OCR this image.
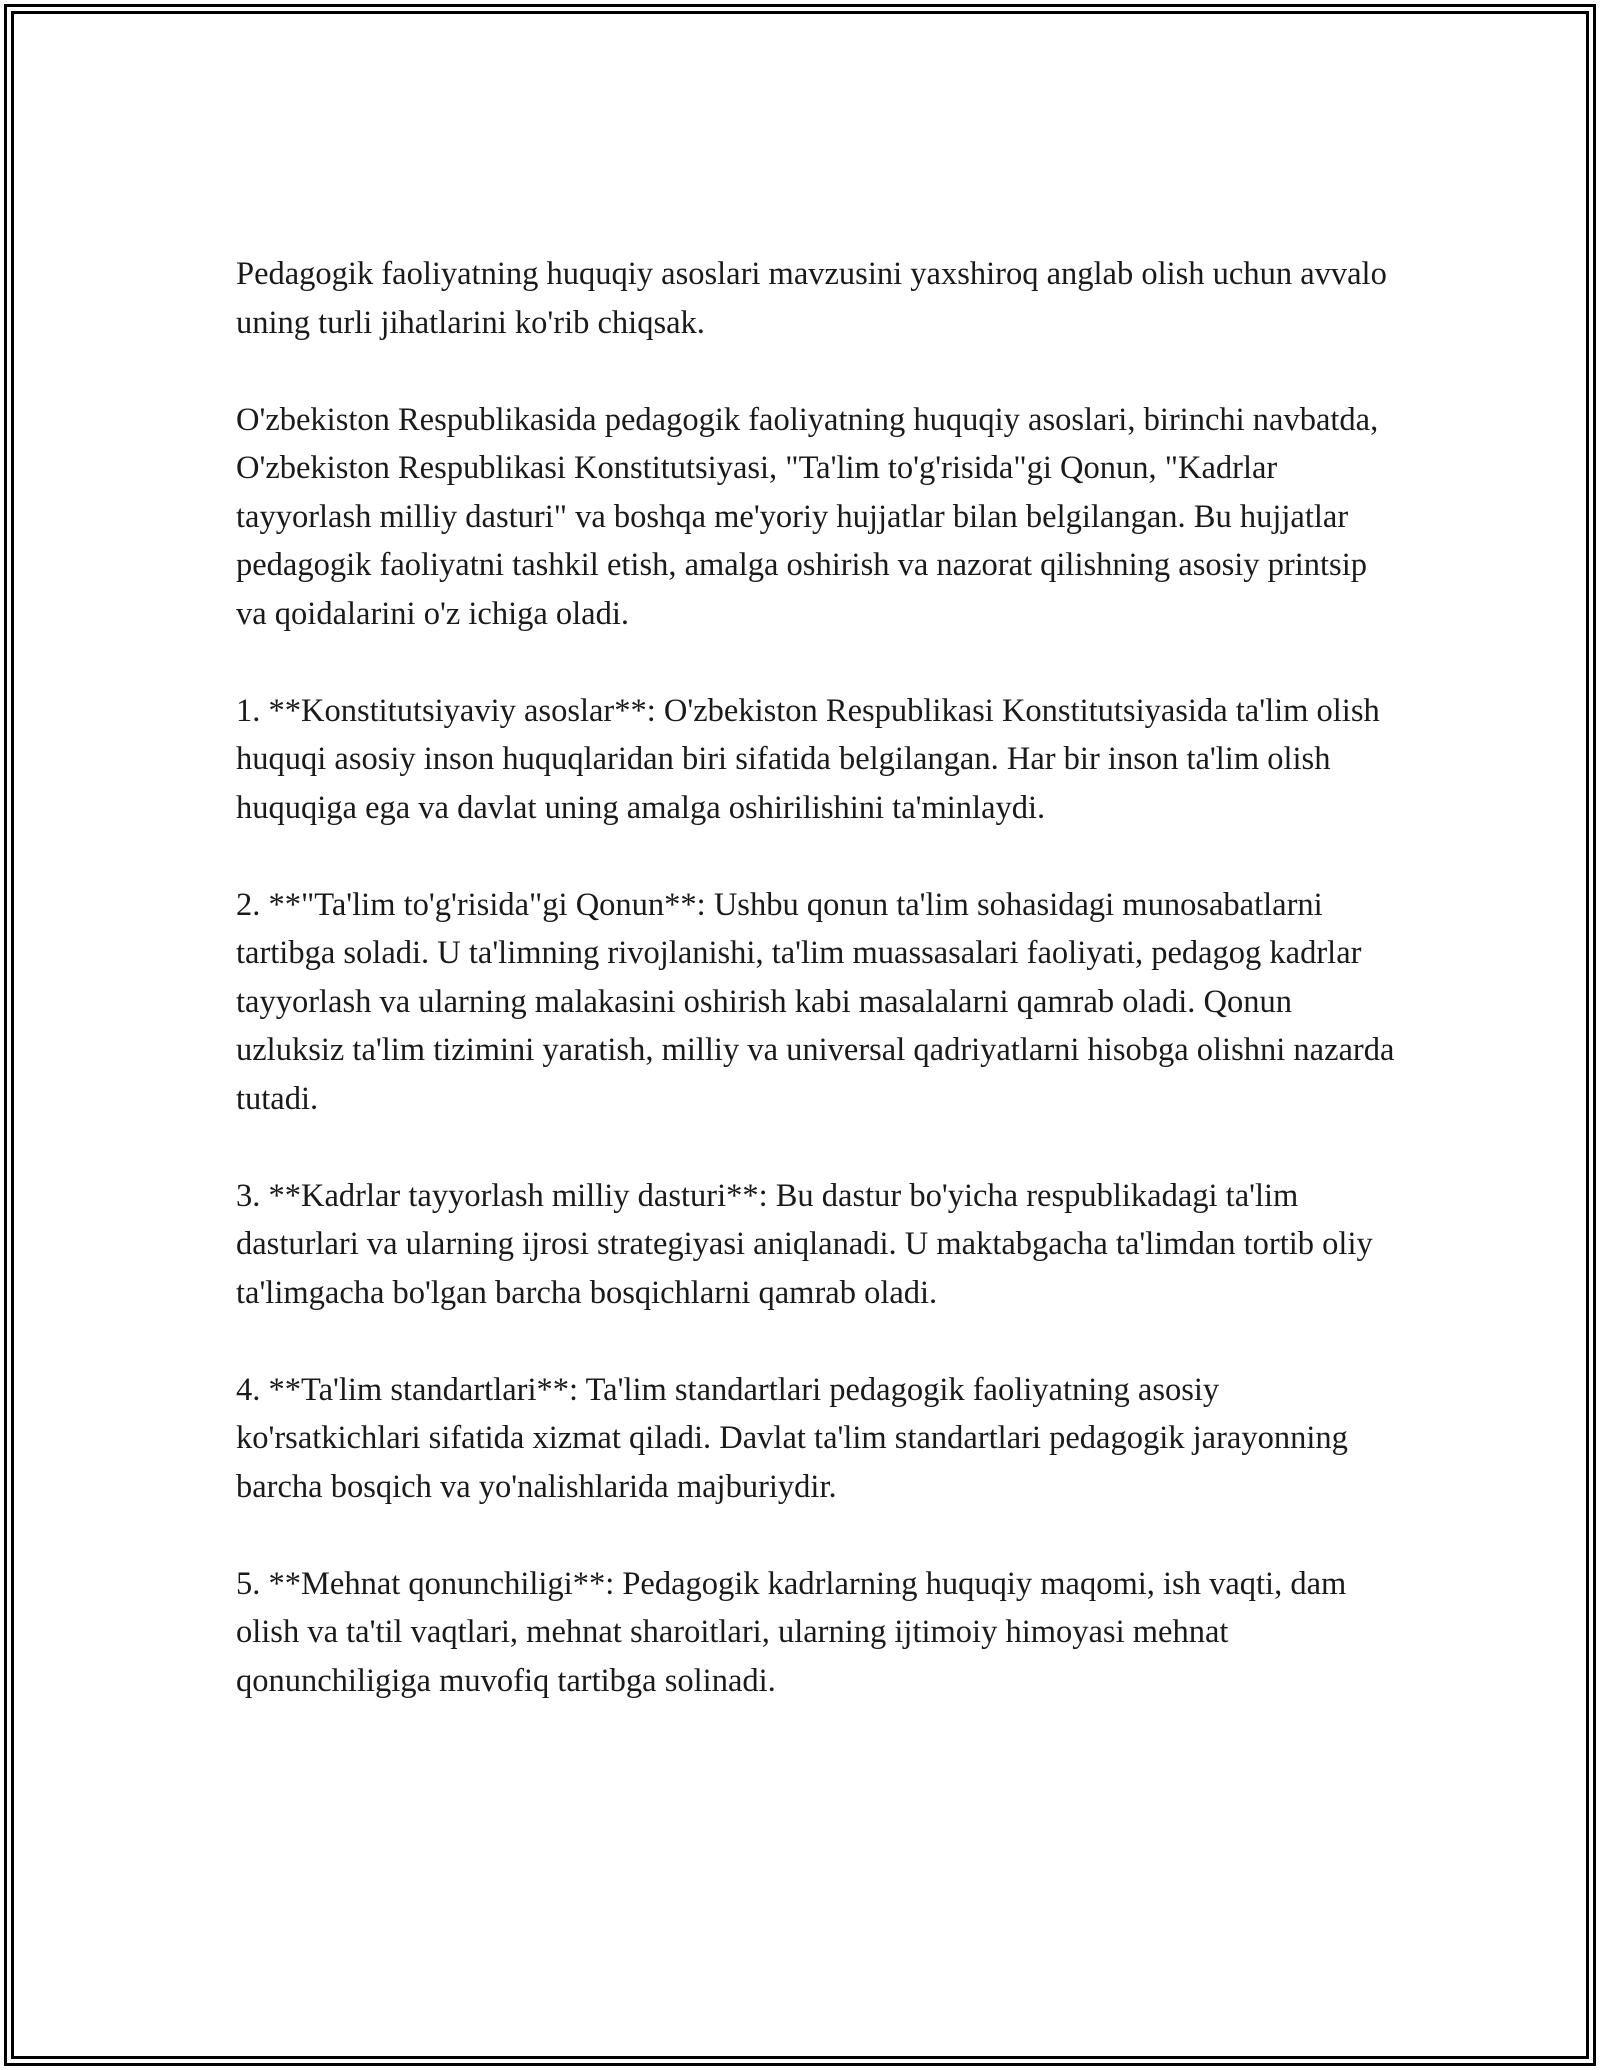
Pedagogik faoliyatning huquqiy asoslari mavzusini yaxshiroq anglab olish uchun avvalo uning turli jihatlarini ko'rib chiqsak.

O'zbekiston Respublikasida pedagogik faoliyatning huquqiy asoslari, birinchi navbatda, O'zbekiston Respublikasi Konstitutsiyasi, "Ta'lim to'g'risida"gi Qonun, "Kadrlar tayyorlash milliy dasturi" va boshqa me'yoriy hujjatlar bilan belgilangan. Bu hujjatlar pedagogik faoliyatni tashkil etish, amalga oshirish va nazorat qilishning asosiy printsip va qoidalarini o'z ichiga oladi.

1. **Konstitutsiyaviy asoslar**: O'zbekiston Respublikasi Konstitutsiyasida ta'lim olish huquqi asosiy inson huquqlaridan biri sifatida belgilangan. Har bir inson ta'lim olish huquqiga ega va davlat uning amalga oshirilishini ta'minlaydi.

2. **"Ta'lim to'g'risida"gi Qonun**: Ushbu qonun ta'lim sohasidagi munosabatlarni tartibga soladi. U ta'limning rivojlanishi, ta'lim muassasalari faoliyati, pedagog kadrlar tayyorlash va ularning malakasini oshirish kabi masalalarni qamrab oladi. Qonun uzluksiz ta'lim tizimini yaratish, milliy va universal qadriyatlarni hisobga olishni nazarda tutadi.

3. **Kadrlar tayyorlash milliy dasturi**: Bu dastur bo'yicha respublikadagi ta'lim dasturlari va ularning ijrosi strategiyasi aniqlanadi. U maktabgacha ta'limdan tortib oliy ta'limgacha bo'lgan barcha bosqichlarni qamrab oladi.

4. **Ta'lim standartlari**: Ta'lim standartlari pedagogik faoliyatning asosiy ko'rsatkichlari sifatida xizmat qiladi. Davlat ta'lim standartlari pedagogik jarayonning barcha bosqich va yo'nalishlarida majburiydir.

5. **Mehnat qonunchiligi**: Pedagogik kadrlarning huquqiy maqomi, ish vaqti, dam olish va ta'til vaqtlari, mehnat sharoitlari, ularning ijtimoiy himoyasi mehnat qonunchiligiga muvofiq tartibga solinadi.
